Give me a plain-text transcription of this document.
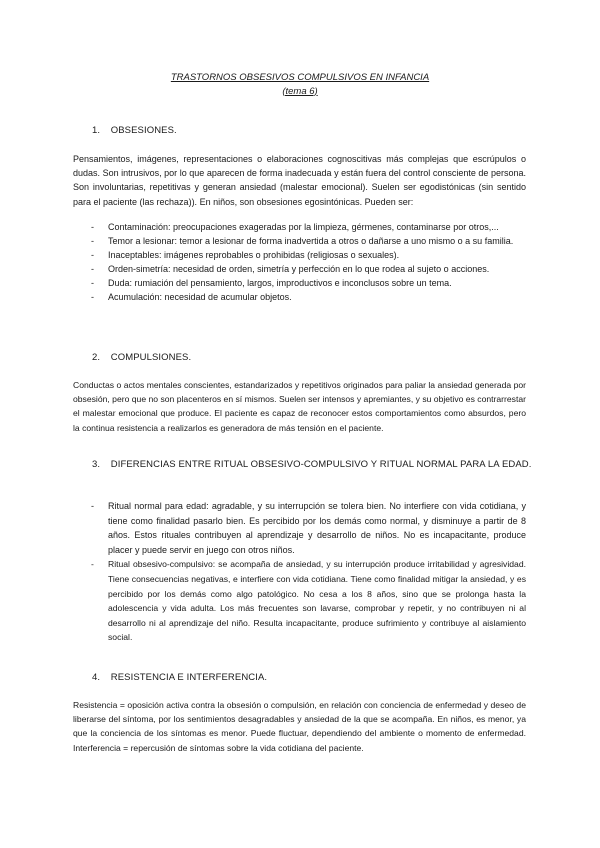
TRASTORNOS OBSESIVOS COMPULSIVOS EN INFANCIA
(tema 6)
1. OBSESIONES.

Pensamientos, imágenes, representaciones o elaboraciones cognoscitivas más complejas que escrúpulos o dudas. Son intrusivos, por lo que aparecen de forma inadecuada y están fuera del control consciente de persona. Son involuntarias, repetitivas y generan ansiedad (malestar emocional). Suelen ser egodistónicas (sin sentido para el paciente (las rechaza)). En niños, son obsesiones egosintónicas. Pueden ser:

- Contaminación: preocupaciones exageradas por la limpieza, gérmenes, contaminarse por otros,...
- Temor a lesionar: temor a lesionar de forma inadvertida a otros o dañarse a uno mismo o a su familia.
- Inaceptables: imágenes reprobables o prohibidas (religiosas o sexuales).
- Orden-simetría: necesidad de orden, simetría y perfección en lo que rodea al sujeto o acciones.
- Duda: rumiación del pensamiento, largos, improductivos e inconclusos sobre un tema.
- Acumulación: necesidad de acumular objetos.
2. COMPULSIONES.

Conductas o actos mentales conscientes, estandarizados y repetitivos originados para paliar la ansiedad generada por obsesión, pero que no son placenteros en sí mismos. Suelen ser intensos y apremiantes, y su objetivo es contrarrestar el malestar emocional que produce. El paciente es capaz de reconocer estos comportamientos como absurdos, pero la continua resistencia a realizarlos es generadora de más tensión en el paciente.

3. DIFERENCIAS ENTRE RITUAL OBSESIVO-COMPULSIVO Y RITUAL NORMAL PARA LA EDAD.
- Ritual normal para edad: agradable, y su interrupción se tolera bien. No interfiere con vida cotidiana, y tiene como finalidad pasarlo bien. Es percibido por los demás como normal, y disminuye a partir de 8 años. Estos rituales contribuyen al aprendizaje y desarrollo de niños. No es incapacitante, produce placer y puede servir en juego con otros niños.
- Ritual obsesivo-compulsivo: se acompaña de ansiedad, y su interrupción produce irritabilidad y agresividad. Tiene consecuencias negativas, e interfiere con vida cotidiana. Tiene como finalidad mitigar la ansiedad, y es percibido por los demás como algo patológico. No cesa a los 8 años, sino que se prolonga hasta la adolescencia y vida adulta. Los más frecuentes son lavarse, comprobar y repetir, y no contribuyen ni al desarrollo ni al aprendizaje del niño. Resulta incapacitante, produce sufrimiento y contribuye al aislamiento social.
4. RESISTENCIA E INTERFERENCIA.

Resistencia = oposición activa contra la obsesión o compulsión, en relación con conciencia de enfermedad y deseo de liberarse del síntoma, por los sentimientos desagradables y ansiedad de la que se acompaña. En niños, es menor, ya que la conciencia de los síntomas es menor. Puede fluctuar, dependiendo del ambiente o momento de enfermedad. Interferencia = repercusión de síntomas sobre la vida cotidiana del paciente.
